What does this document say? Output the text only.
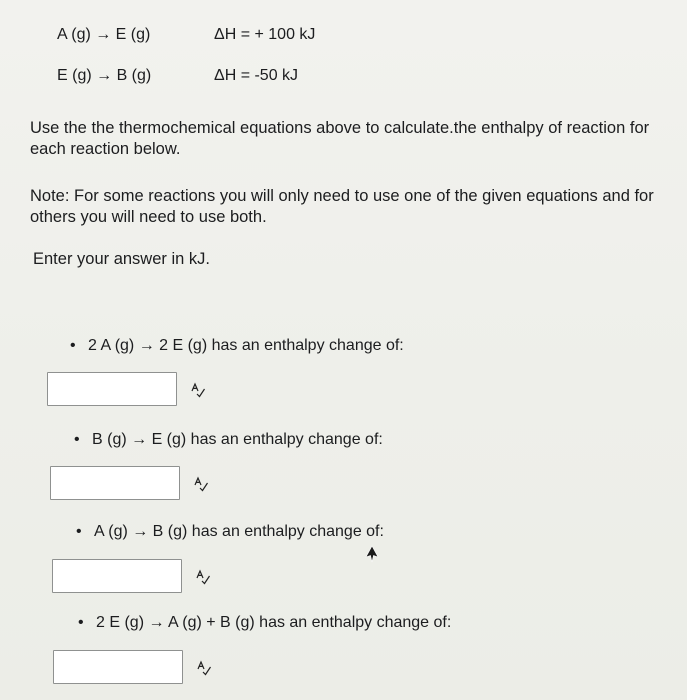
A (g) → E (g)	ΔH = + 100 kJ
E (g) → B (g)	ΔH = -50 kJ
Use the the thermochemical equations above to calculate.the enthalpy of reaction for each reaction below.
Note: For some reactions you will only need to use one of the given equations and for others you will need to use both.
Enter your answer in kJ.
• 2 A (g) → 2 E (g) has an enthalpy change of:
• B (g) → E (g) has an enthalpy change of:
• A (g) → B (g) has an enthalpy change of:
• 2 E (g) → A (g) + B (g) has an enthalpy change of:
